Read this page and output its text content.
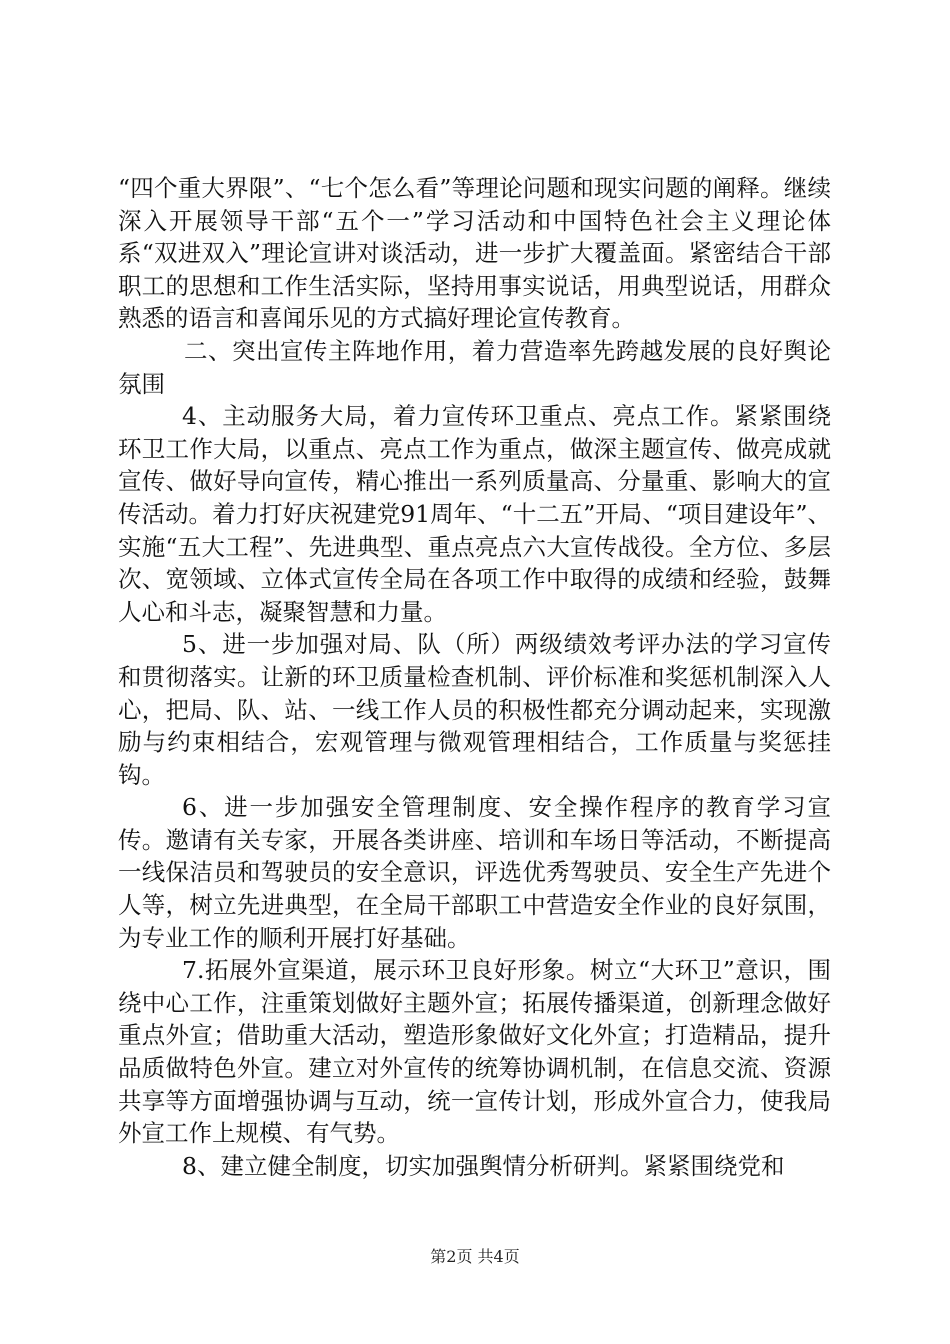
“四个重大界限”、“七个怎么看”等理论问题和现实问题的阐释。继续深入开展领导干部“五个一”学习活动和中国特色社会主义理论体系“双进双入”理论宣讲对谈活动，进一步扩大覆盖面。紧密结合干部职工的思想和工作生活实际，坚持用事实说话，用典型说话，用群众熟悉的语言和喜闻乐见的方式搞好理论宣传教育。

二、突出宣传主阵地作用，着力营造率先跨越发展的良好舆论氛围

4、主动服务大局，着力宣传环卫重点、亮点工作。紧紧围绕环卫工作大局，以重点、亮点工作为重点，做深主题宣传、做亮成就宣传、做好导向宣传，精心推出一系列质量高、分量重、影响大的宣传活动。着力打好庆祝建党91周年、“十二五”开局、“项目建设年”、实施“五大工程”、先进典型、重点亮点六大宣传战役。全方位、多层次、宽领域、立体式宣传全局在各项工作中取得的成绩和经验，鼓舞人心和斗志，凝聚智慧和力量。

5、进一步加强对局、队（所）两级绩效考评办法的学习宣传和贯彻落实。让新的环卫质量检查机制、评价标准和奖惩机制深入人心，把局、队、站、一线工作人员的积极性都充分调动起来，实现激励与约束相结合，宏观管理与微观管理相结合，工作质量与奖惩挂钩。

6、进一步加强安全管理制度、安全操作程序的教育学习宣传。邀请有关专家，开展各类讲座、培训和车场日等活动，不断提高一线保洁员和驾驶员的安全意识，评选优秀驾驶员、安全生产先进个人等，树立先进典型，在全局干部职工中营造安全作业的良好氛围，为专业工作的顺利开展打好基础。

7.拓展外宣渠道，展示环卫良好形象。树立“大环卫”意识，围绕中心工作，注重策划做好主题外宣；拓展传播渠道，创新理念做好重点外宣；借助重大活动，塑造形象做好文化外宣；打造精品，提升品质做特色外宣。建立对外宣传的统筹协调机制，在信息交流、资源共享等方面增强协调与互动，统一宣传计划，形成外宣合力，使我局外宣工作上规模、有气势。

8、建立健全制度，切实加强舆情分析研判。紧紧围绕党和

第2页 共4页
